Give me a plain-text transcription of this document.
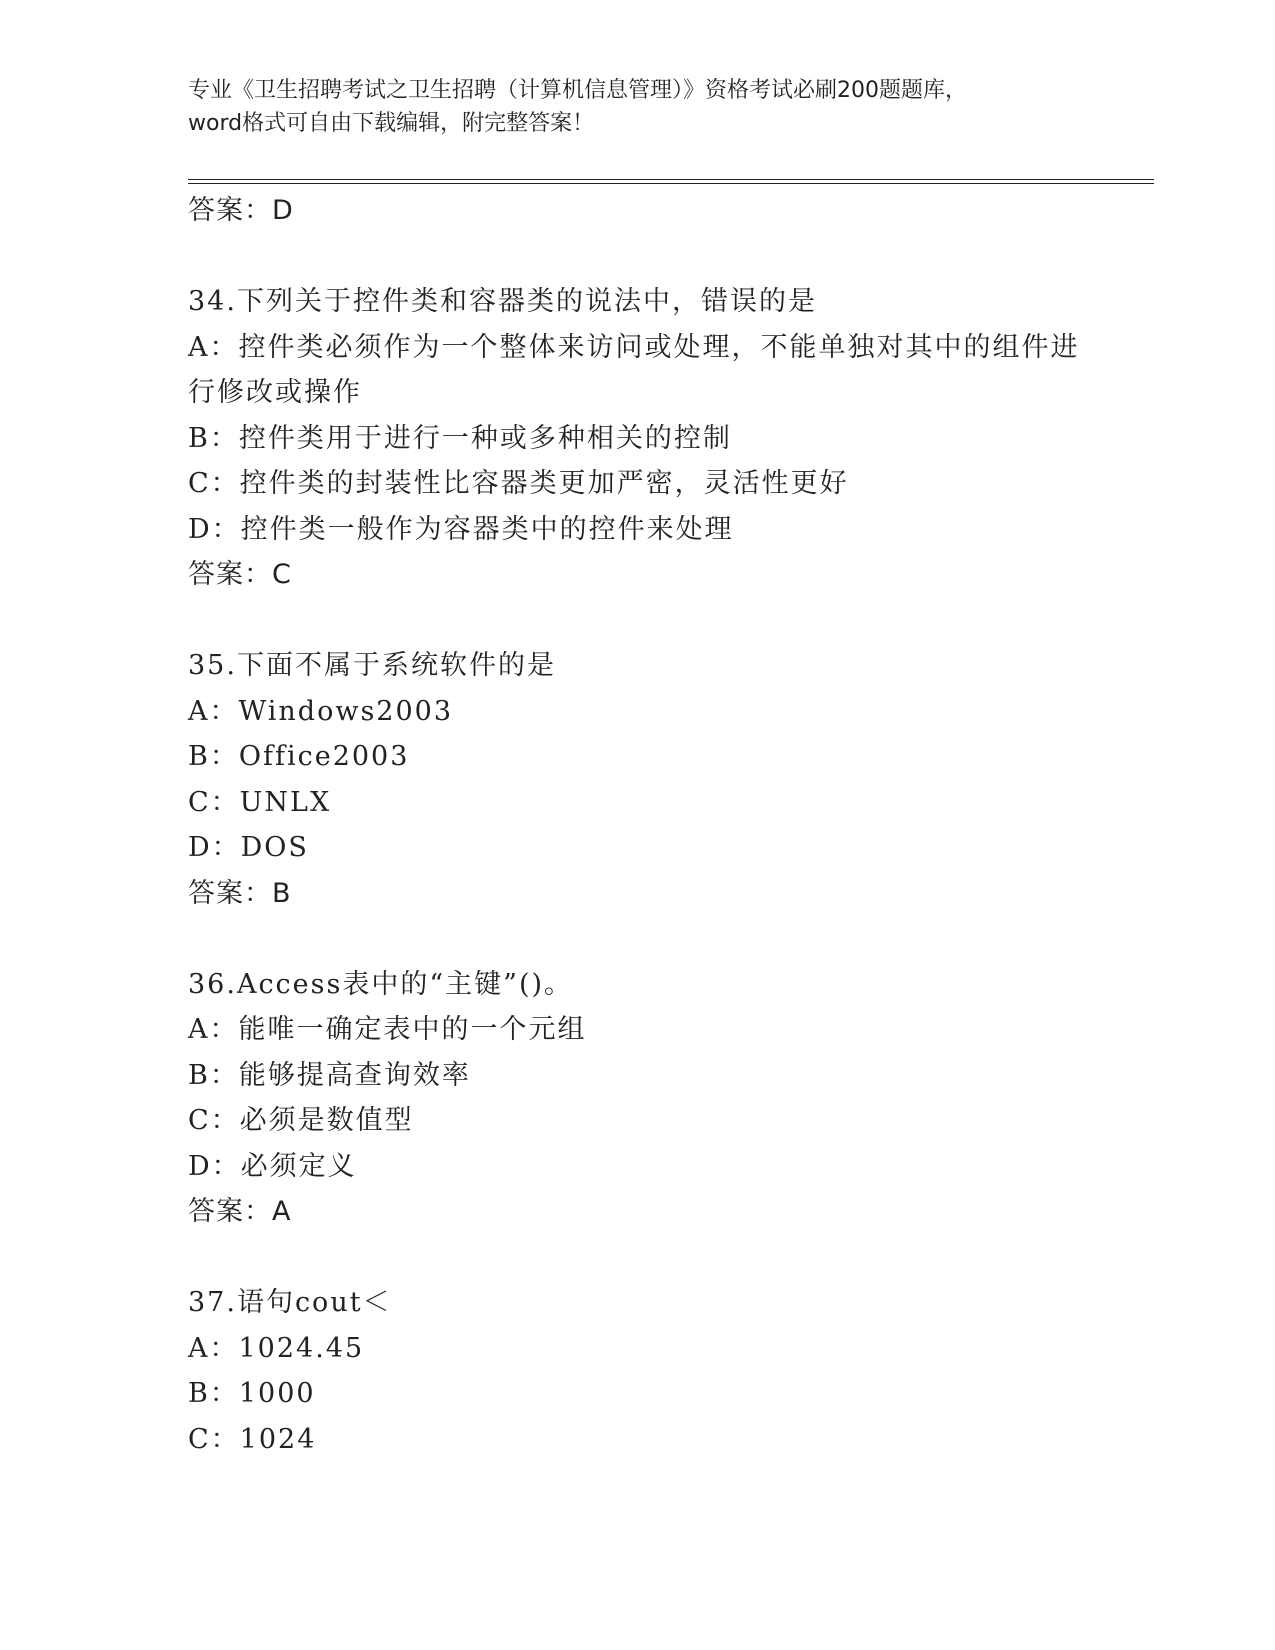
专业《卫生招聘考试之卫生招聘（计算机信息管理）》资格考试必刷200题题库，
word格式可自由下载编辑，附完整答案！
答案：D
34.下列关于控件类和容器类的说法中，错误的是
A：控件类必须作为一个整体来访问或处理，不能单独对其中的组件进
行修改或操作
B：控件类用于进行一种或多种相关的控制
C：控件类的封装性比容器类更加严密，灵活性更好
D：控件类一般作为容器类中的控件来处理
答案：C
35.下面不属于系统软件的是
A：Windows2003
B：Office2003
C：UNLX
D：DOS
答案：B
36.Access表中的“主键”()。
A：能唯一确定表中的一个元组
B：能够提高查询效率
C：必须是数值型
D：必须定义
答案：A
37.语句cout＜
A：1024.45
B：1000
C：1024
